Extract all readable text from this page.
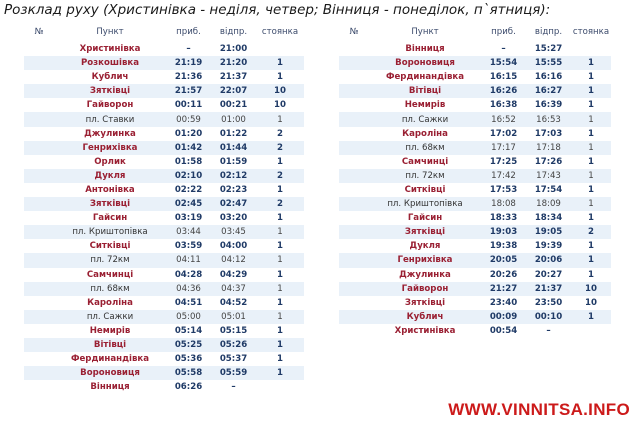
Розклад руху (Христинівка - неділя, четвер; Вінниця - понеділок, п`ятниця):
№	Пункт	приб.	відпр.	стоянка
	Христинівка	–	21:00	
	Розкошівка	21:19	21:20	1
	Кублич	21:36	21:37	1
	Зятківці	21:57	22:07	10
	Гайворон	00:11	00:21	10
	пл. Ставки	00:59	01:00	1
	Джулинка	01:20	01:22	2
	Генрихівка	01:42	01:44	2
	Орлик	01:58	01:59	1
	Дукля	02:10	02:12	2
	Антонівка	02:22	02:23	1
	Зятківці	02:45	02:47	2
	Гайсин	03:19	03:20	1
	пл. Криштопівка	03:44	03:45	1
	Ситківці	03:59	04:00	1
	пл. 72км	04:11	04:12	1
	Самчинці	04:28	04:29	1
	пл. 68км	04:36	04:37	1
	Кароліна	04:51	04:52	1
	пл. Сажки	05:00	05:01	1
	Немирів	05:14	05:15	1
	Вітівці	05:25	05:26	1
	Фердинандівка	05:36	05:37	1
	Вороновиця	05:58	05:59	1
	Вінниця	06:26	–	
№	Пункт	приб.	відпр.	стоянка
	Вінниця	–	15:27	
	Вороновиця	15:54	15:55	1
	Фердинандівка	16:15	16:16	1
	Вітівці	16:26	16:27	1
	Немирів	16:38	16:39	1
	пл. Сажки	16:52	16:53	1
	Кароліна	17:02	17:03	1
	пл. 68км	17:17	17:18	1
	Самчинці	17:25	17:26	1
	пл. 72км	17:42	17:43	1
	Ситківці	17:53	17:54	1
	пл. Криштопівка	18:08	18:09	1
	Гайсин	18:33	18:34	1
	Зятківці	19:03	19:05	2
	Дукля	19:38	19:39	1
	Генрихівка	20:05	20:06	1
	Джулинка	20:26	20:27	1
	Гайворон	21:27	21:37	10
	Зятківці	23:40	23:50	10
	Кублич	00:09	00:10	1
	Христинівка	00:54	–	
WWW.VINNITSA.INFO
